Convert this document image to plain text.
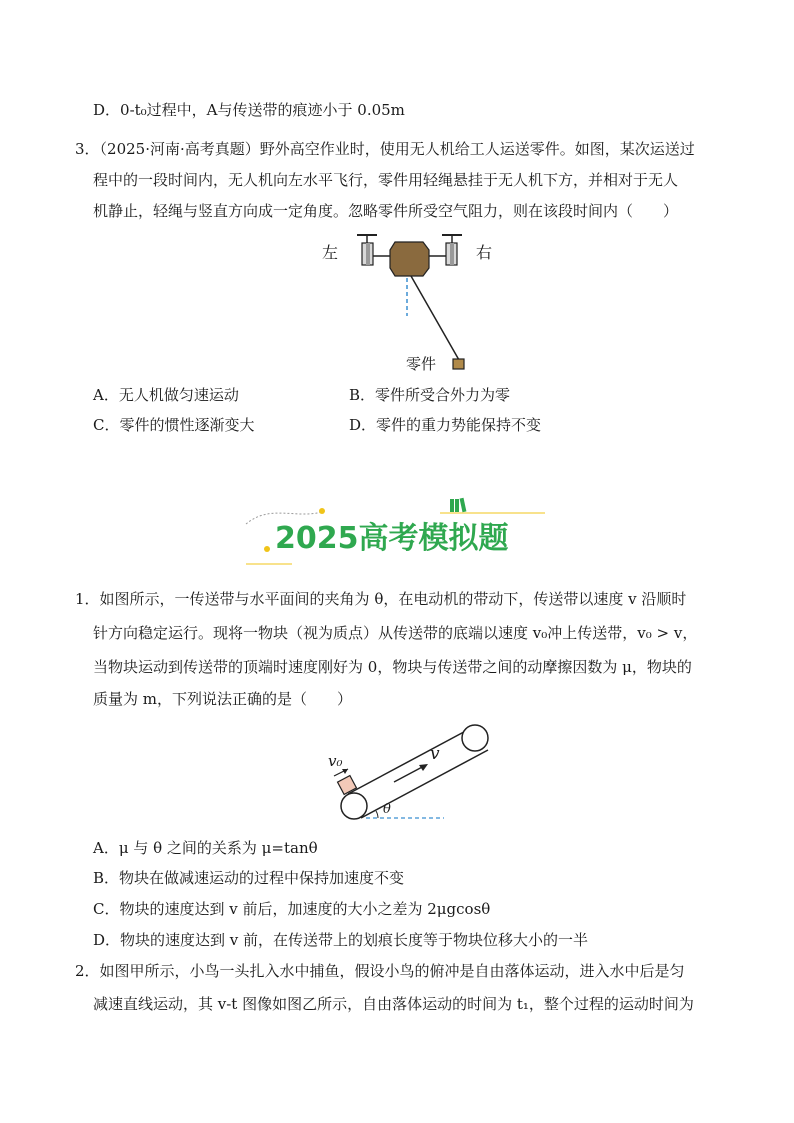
D．0-t₀过程中，A与传送带的痕迹小于 0.05m
3．（2025·河南·高考真题）野外高空作业时，使用无人机给工人运送零件。如图，某次运送过
程中的一段时间内，无人机向左水平飞行，零件用轻绳悬挂于无人机下方，并相对于无人
机静止，轻绳与竖直方向成一定角度。忽略零件所受空气阻力，则在该段时间内（　　）
左	右
零件
A．无人机做匀速运动	B．零件所受合外力为零
C．零件的惯性逐渐变大	D．零件的重力势能保持不变
2025高考模拟题
1．如图所示，一传送带与水平面间的夹角为 θ，在电动机的带动下，传送带以速度 v 沿顺时
针方向稳定运行。现将一物块（视为质点）从传送带的底端以速度 v₀冲上传送带，v₀ > v，
当物块运动到传送带的顶端时速度刚好为 0，物块与传送带之间的动摩擦因数为 μ，物块的
质量为 m，下列说法正确的是（　　）
v₀	v
θ
A．μ 与 θ 之间的关系为 μ=tanθ
B．物块在做减速运动的过程中保持加速度不变
C．物块的速度达到 v 前后，加速度的大小之差为 2μgcosθ
D．物块的速度达到 v 前，在传送带上的划痕长度等于物块位移大小的一半
2．如图甲所示，小鸟一头扎入水中捕鱼，假设小鸟的俯冲是自由落体运动，进入水中后是匀
减速直线运动，其 v-t 图像如图乙所示，自由落体运动的时间为 t₁，整个过程的运动时间为
